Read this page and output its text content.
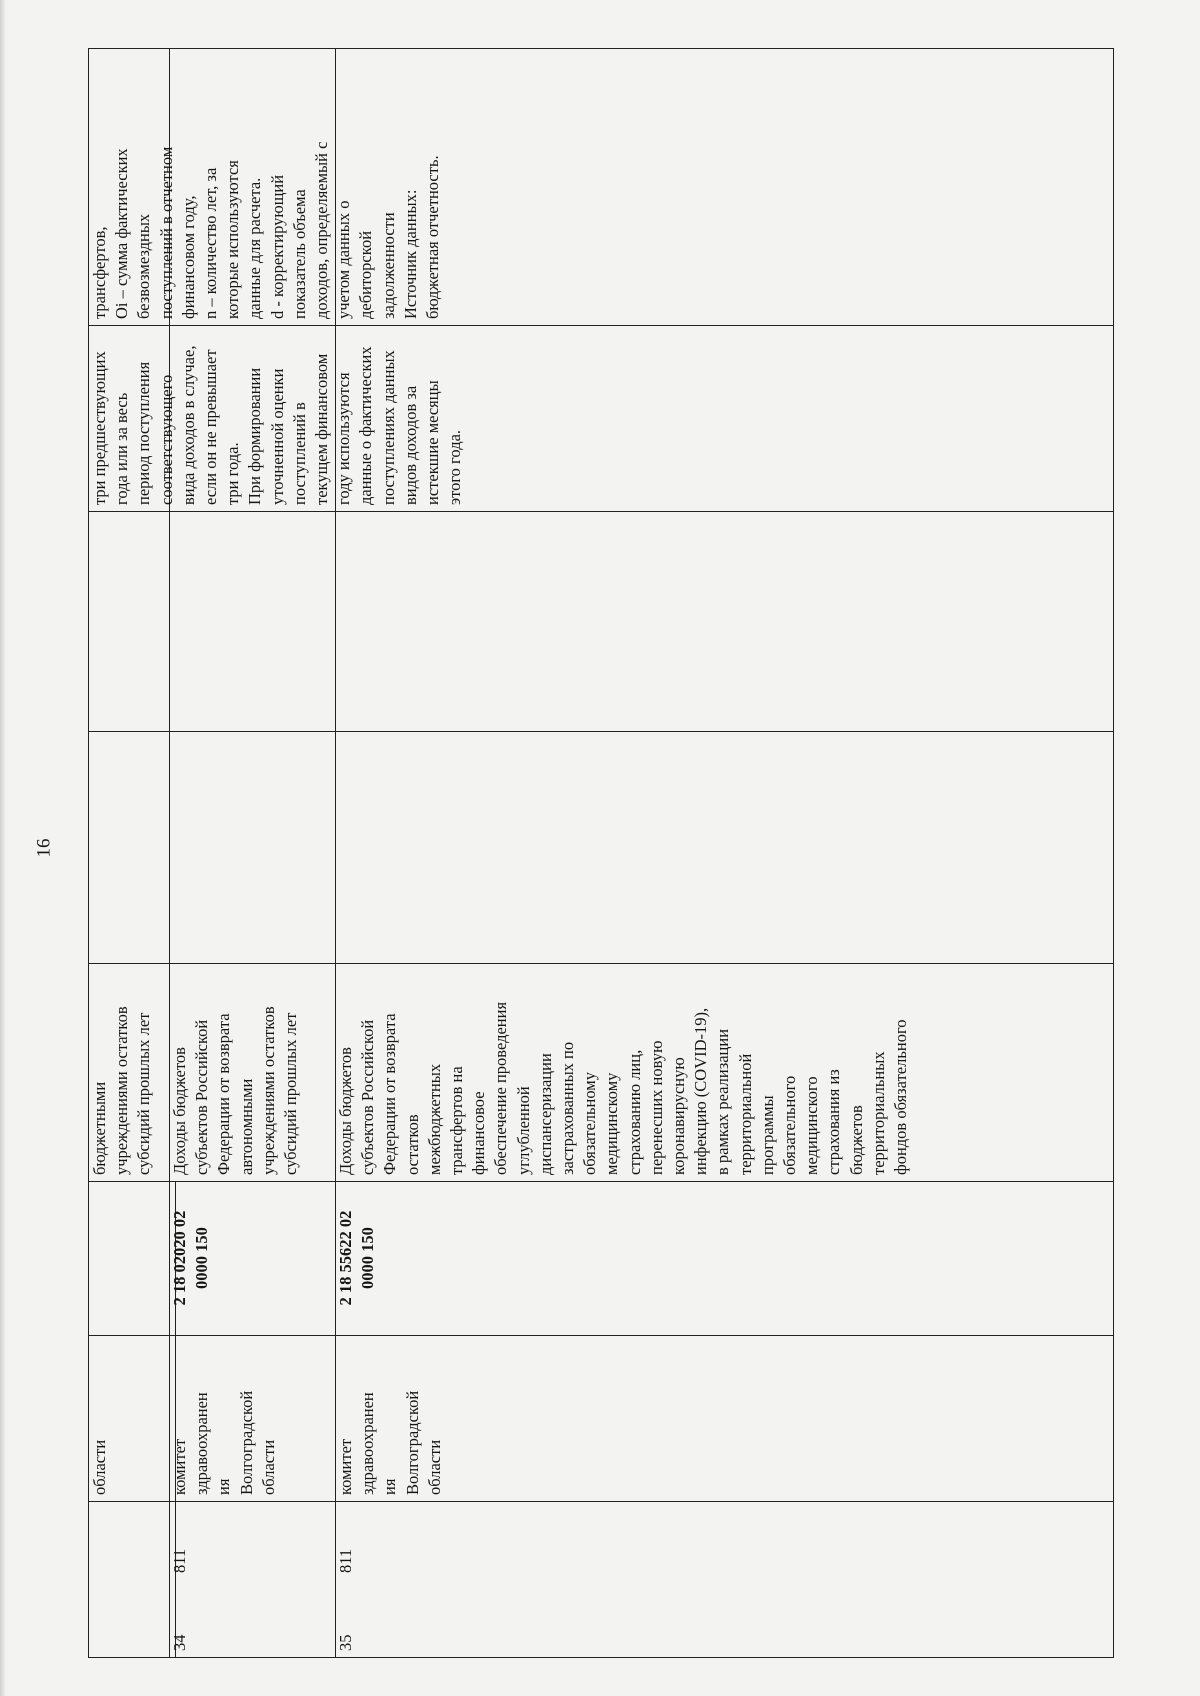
16
области
бюджетными
учреждениями остатков
субсидий прошлых лет
три предшествующих
года или за весь
период поступления
соответствующего
вида доходов в случае,
если он не превышает
три года.
При формировании
уточненной оценки
поступлений в
текущем финансовом
году используются
данные о фактических
поступлениях данных
видов доходов за
истекшие месяцы
этого года.
трансфертов,
Оi – сумма фактических
безвозмездных
поступлений в отчетном
финансовом году,
n – количество лет, за
которые используются
данные для расчета.
d - корректирующий
показатель объема
доходов, определяемый с
учетом данных о
дебиторской
задолженности
Источник данных:
бюджетная отчетность.
34
811
комитет
здравоохранен
ия
Волгоградской
области
2 18 02020 02
0000 150
Доходы бюджетов
субъектов Российской
Федерации от возврата
автономными
учреждениями остатков
субсидий прошлых лет
35
811
комитет
здравоохранен
ия
Волгоградской
области
2 18 55622 02
0000 150
Доходы бюджетов
субъектов Российской
Федерации от возврата
остатков
межбюджетных
трансфертов на
финансовое
обеспечение проведения
углубленной
диспансеризации
застрахованных по
обязательному
медицинскому
страхованию лиц,
перенесших новую
коронавирусную
инфекцию (COVID-19),
в рамках реализации
территориальной
программы
обязательного
медицинского
страхования из
бюджетов
территориальных
фондов обязательного
